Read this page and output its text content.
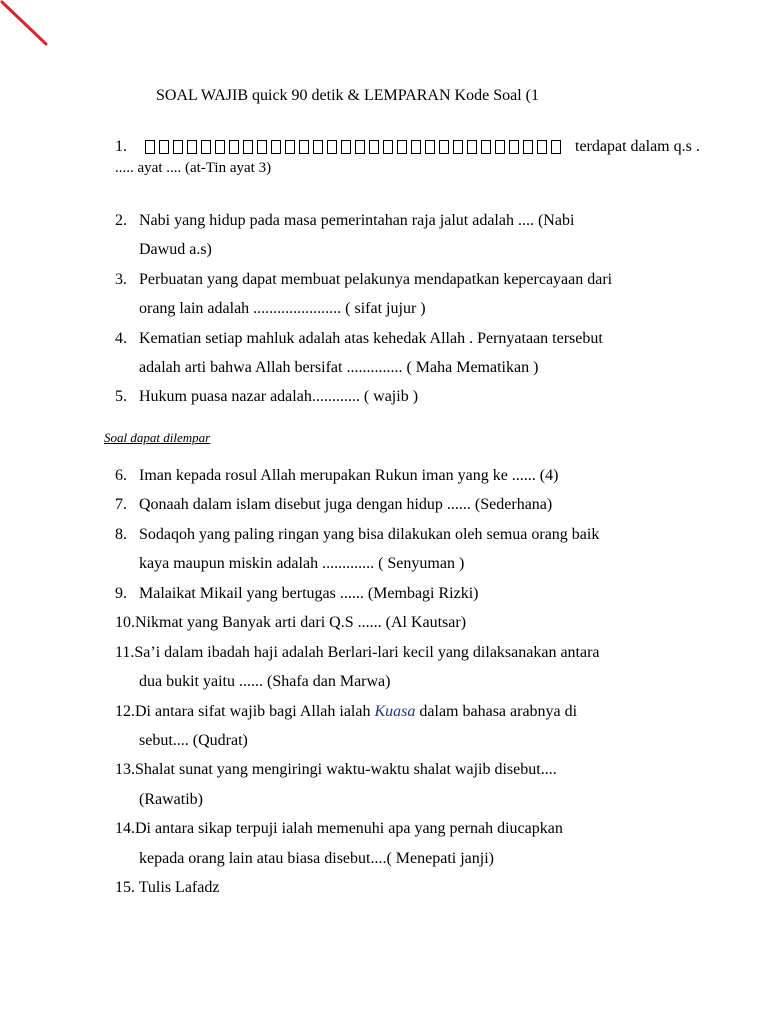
SOAL WAJIB quick 90 detik & LEMPARAN Kode Soal (1
1.	terdapat dalam q.s .
..... ayat .... (at-Tin ayat 3)
2. Nabi yang hidup pada masa pemerintahan raja jalut adalah .... (Nabi
Dawud a.s)
3. Perbuatan yang dapat membuat pelakunya mendapatkan kepercayaan dari
orang lain adalah ...................... ( sifat jujur )
4. Kematian setiap mahluk adalah atas kehedak Allah . Pernyataan tersebut
adalah arti bahwa Allah bersifat .............. ( Maha Mematikan )
5. Hukum puasa nazar adalah............ ( wajib )
Soal dapat dilempar
6. Iman kepada rosul Allah merupakan Rukun iman yang ke ...... (4)
7. Qonaah dalam islam disebut juga dengan hidup ...... (Sederhana)
8. Sodaqoh yang paling ringan yang bisa dilakukan oleh semua orang baik
kaya maupun miskin adalah ............. ( Senyuman )
9. Malaikat Mikail yang bertugas ...... (Membagi Rizki)
10.Nikmat yang Banyak arti dari Q.S ...... (Al Kautsar)
11.Sa’i dalam ibadah haji adalah Berlari-lari kecil yang dilaksanakan antara
dua bukit yaitu ...... (Shafa dan Marwa)
12.Di antara sifat wajib bagi Allah ialah Kuasa dalam bahasa arabnya di
sebut.... (Qudrat)
13.Shalat sunat yang mengiringi waktu-waktu shalat wajib disebut....
(Rawatib)
14.Di antara sikap terpuji ialah memenuhi apa yang pernah diucapkan
kepada orang lain atau biasa disebut....( Menepati janji)
15. Tulis Lafadz
